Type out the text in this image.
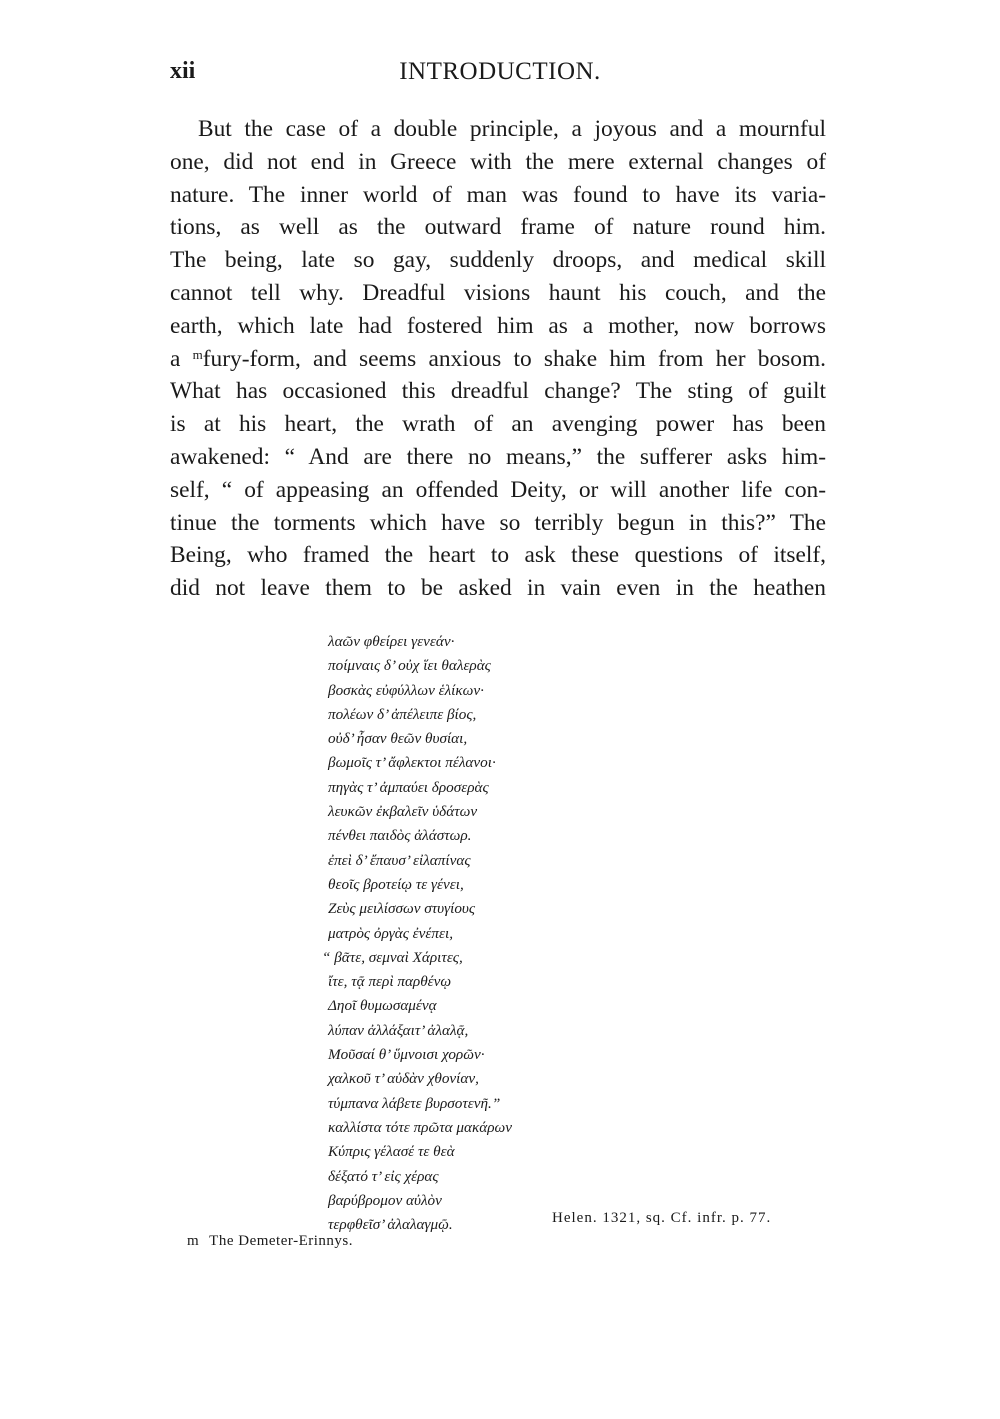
xii	INTRODUCTION.
But the case of a double principle, a joyous and a mournful
one, did not end in Greece with the mere external changes of
nature. The inner world of man was found to have its varia-
tions, as well as the outward frame of nature round him.
The being, late so gay, suddenly droops, and medical skill
cannot tell why. Dreadful visions haunt his couch, and the
earth, which late had fostered him as a mother, now borrows
a $^m$fury-form, and seems anxious to shake him from her bosom.
What has occasioned this dreadful change? The sting of guilt
is at his heart, the wrath of an avenging power has been
awakened: “ And are there no means,” the sufferer asks him-
self, “ of appeasing an offended Deity, or will another life con-
tinue the torments which have so terribly begun in this?” The
Being, who framed the heart to ask these questions of itself,
did not leave them to be asked in vain even in the heathen
λαῶν φθείρει γενεάν·
ποίμναις δ’ οὐχ ἵει θαλερὰς
βοσκὰς εὐφύλλων ἑλίκων·
πολέων δ’ ἀπέλειπε βίος,
οὐδ’ ἦσαν θεῶν θυσίαι,
βωμοῖς τ’ ἄφλεκτοι πέλανοι·
πηγὰς τ’ ἀμπαύει δροσερὰς
λευκῶν ἐκβαλεῖν ὑδάτων
πένθει παιδὸς ἀλάστωρ.
ἐπεὶ δ’ ἔπαυσ’ εἰλαπίνας
θεοῖς βροτείῳ τε γένει,
Ζεὺς μειλίσσων στυγίους
ματρὸς ὀργὰς ἐνέπει,
“ βᾶτε, σεμναὶ Χάριτες,
ἴτε, τᾷ περὶ παρθένῳ
Δηοῖ θυμωσαμένᾳ
λύπαν ἀλλάξαιτ’ ἀλαλᾷ,
Μοῦσαί θ’ ὕμνοισι χορῶν·
χαλκοῦ τ’ αὐδὰν χθονίαν,
τύμπανα λάβετε βυρσοτενῆ.”
καλλίστα τότε πρῶτα μακάρων
Κύπρις γέλασέ τε θεὰ
δέξατό τ’ εἰς χέρας
βαρύβρομον αὐλὸν
τερφθεῖσ’ ἀλαλαγμῷ.	Helen. 1321, sq. Cf. infr. p. 77.
m The Demeter-Erinnys.
